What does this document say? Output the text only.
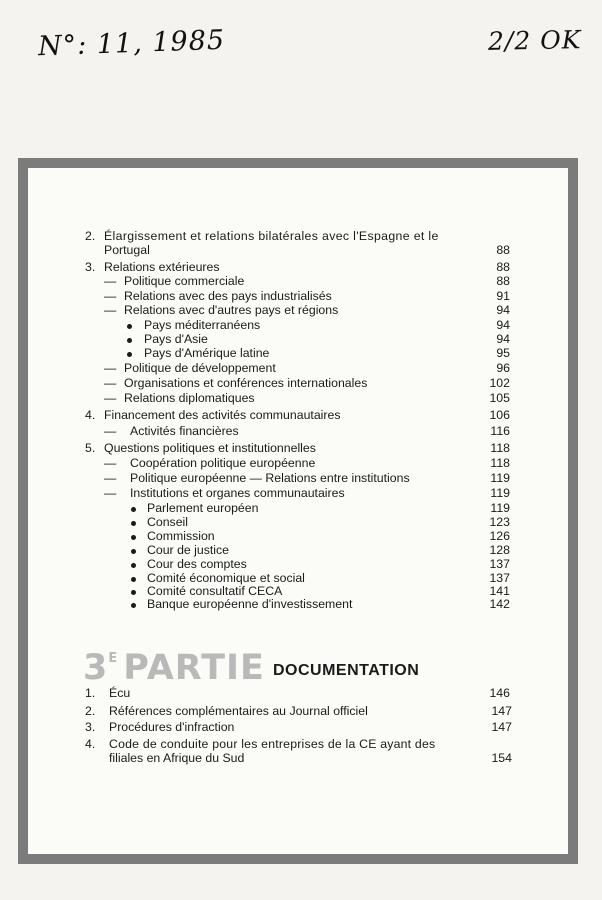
N°: 11, 1985	2/2 OK
2. Élargissement et relations bilatérales avec l'Espagne et le
Portugal	88
3. Relations extérieures	88
— Politique commerciale	88
— Relations avec des pays industrialisés	91
— Relations avec d'autres pays et régions	94
Pays méditerranéens	94
Pays d'Asie	94
Pays d'Amérique latine	95
— Politique de développement	96
— Organisations et conférences internationales	102
— Relations diplomatiques	105
4. Financement des activités communautaires	106
— Activités financières	116
5. Questions politiques et institutionnelles	118
— Coopération politique européenne	118
— Politique européenne — Relations entre institutions	119
— Institutions et organes communautaires	119
Parlement européen	119
Conseil	123
Commission	126
Cour de justice	128
Cour des comptes	137
Comité économique et social	137
Comité consultatif CECA	141
Banque européenne d'investissement	142
3E PARTIE DOCUMENTATION
1. Écu	146
2. Références complémentaires au Journal officiel	147
3. Procédures d'infraction	147
4. Code de conduite pour les entreprises de la CE ayant des
filiales en Afrique du Sud	154
